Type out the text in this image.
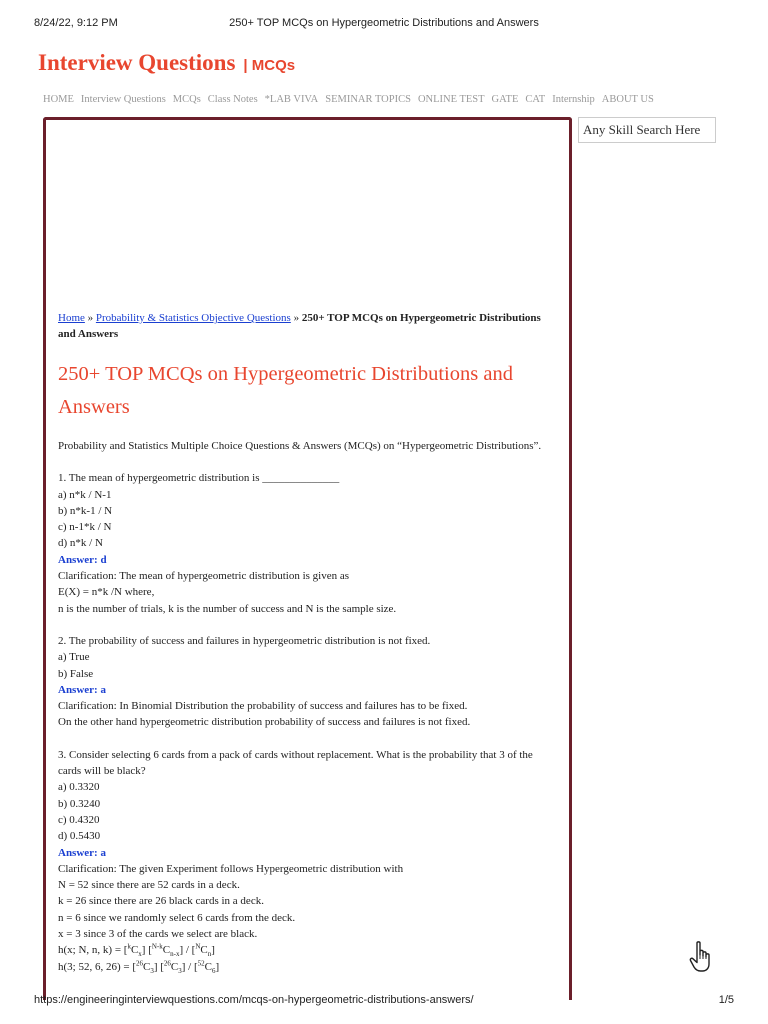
8/24/22, 9:12 PM	250+ TOP MCQs on Hypergeometric Distributions and Answers
Interview Questions | MCQs
HOME Interview Questions MCQs Class Notes *LAB VIVA SEMINAR TOPICS ONLINE TEST GATE CAT Internship ABOUT US
Any Skill Search Here
Home » Probability & Statistics Objective Questions » 250+ TOP MCQs on Hypergeometric Distributions and Answers
250+ TOP MCQs on Hypergeometric Distributions and Answers
Probability and Statistics Multiple Choice Questions & Answers (MCQs) on “Hypergeometric Distributions”.
1. The mean of hypergeometric distribution is ______________
a) n*k / N-1
b) n*k-1 / N
c) n-1*k / N
d) n*k / N
Answer: d
Clarification: The mean of hypergeometric distribution is given as
E(X) = n*k /N where,
n is the number of trials, k is the number of success and N is the sample size.
2. The probability of success and failures in hypergeometric distribution is not fixed.
a) True
b) False
Answer: a
Clarification: In Binomial Distribution the probability of success and failures has to be fixed.
On the other hand hypergeometric distribution probability of success and failures is not fixed.
3. Consider selecting 6 cards from a pack of cards without replacement. What is the probability that 3 of the cards will be black?
a) 0.3320
b) 0.3240
c) 0.4320
d) 0.5430
Answer: a
Clarification: The given Experiment follows Hypergeometric distribution with
N = 52 since there are 52 cards in a deck.
k = 26 since there are 26 black cards in a deck.
n = 6 since we randomly select 6 cards from the deck.
x = 3 since 3 of the cards we select are black.
h(x; N, n, $k) = [^kC_x]$ $[^{N-k}C_{n-x}] / [^NC_n]$
h(3; 52, 6, $26) = [^{26}C_3]$ $[^{26}C_3] / [^{52}C_6]$
https://engineeringinterviewquestions.com/mcqs-on-hypergeometric-distributions-answers/	1/5
